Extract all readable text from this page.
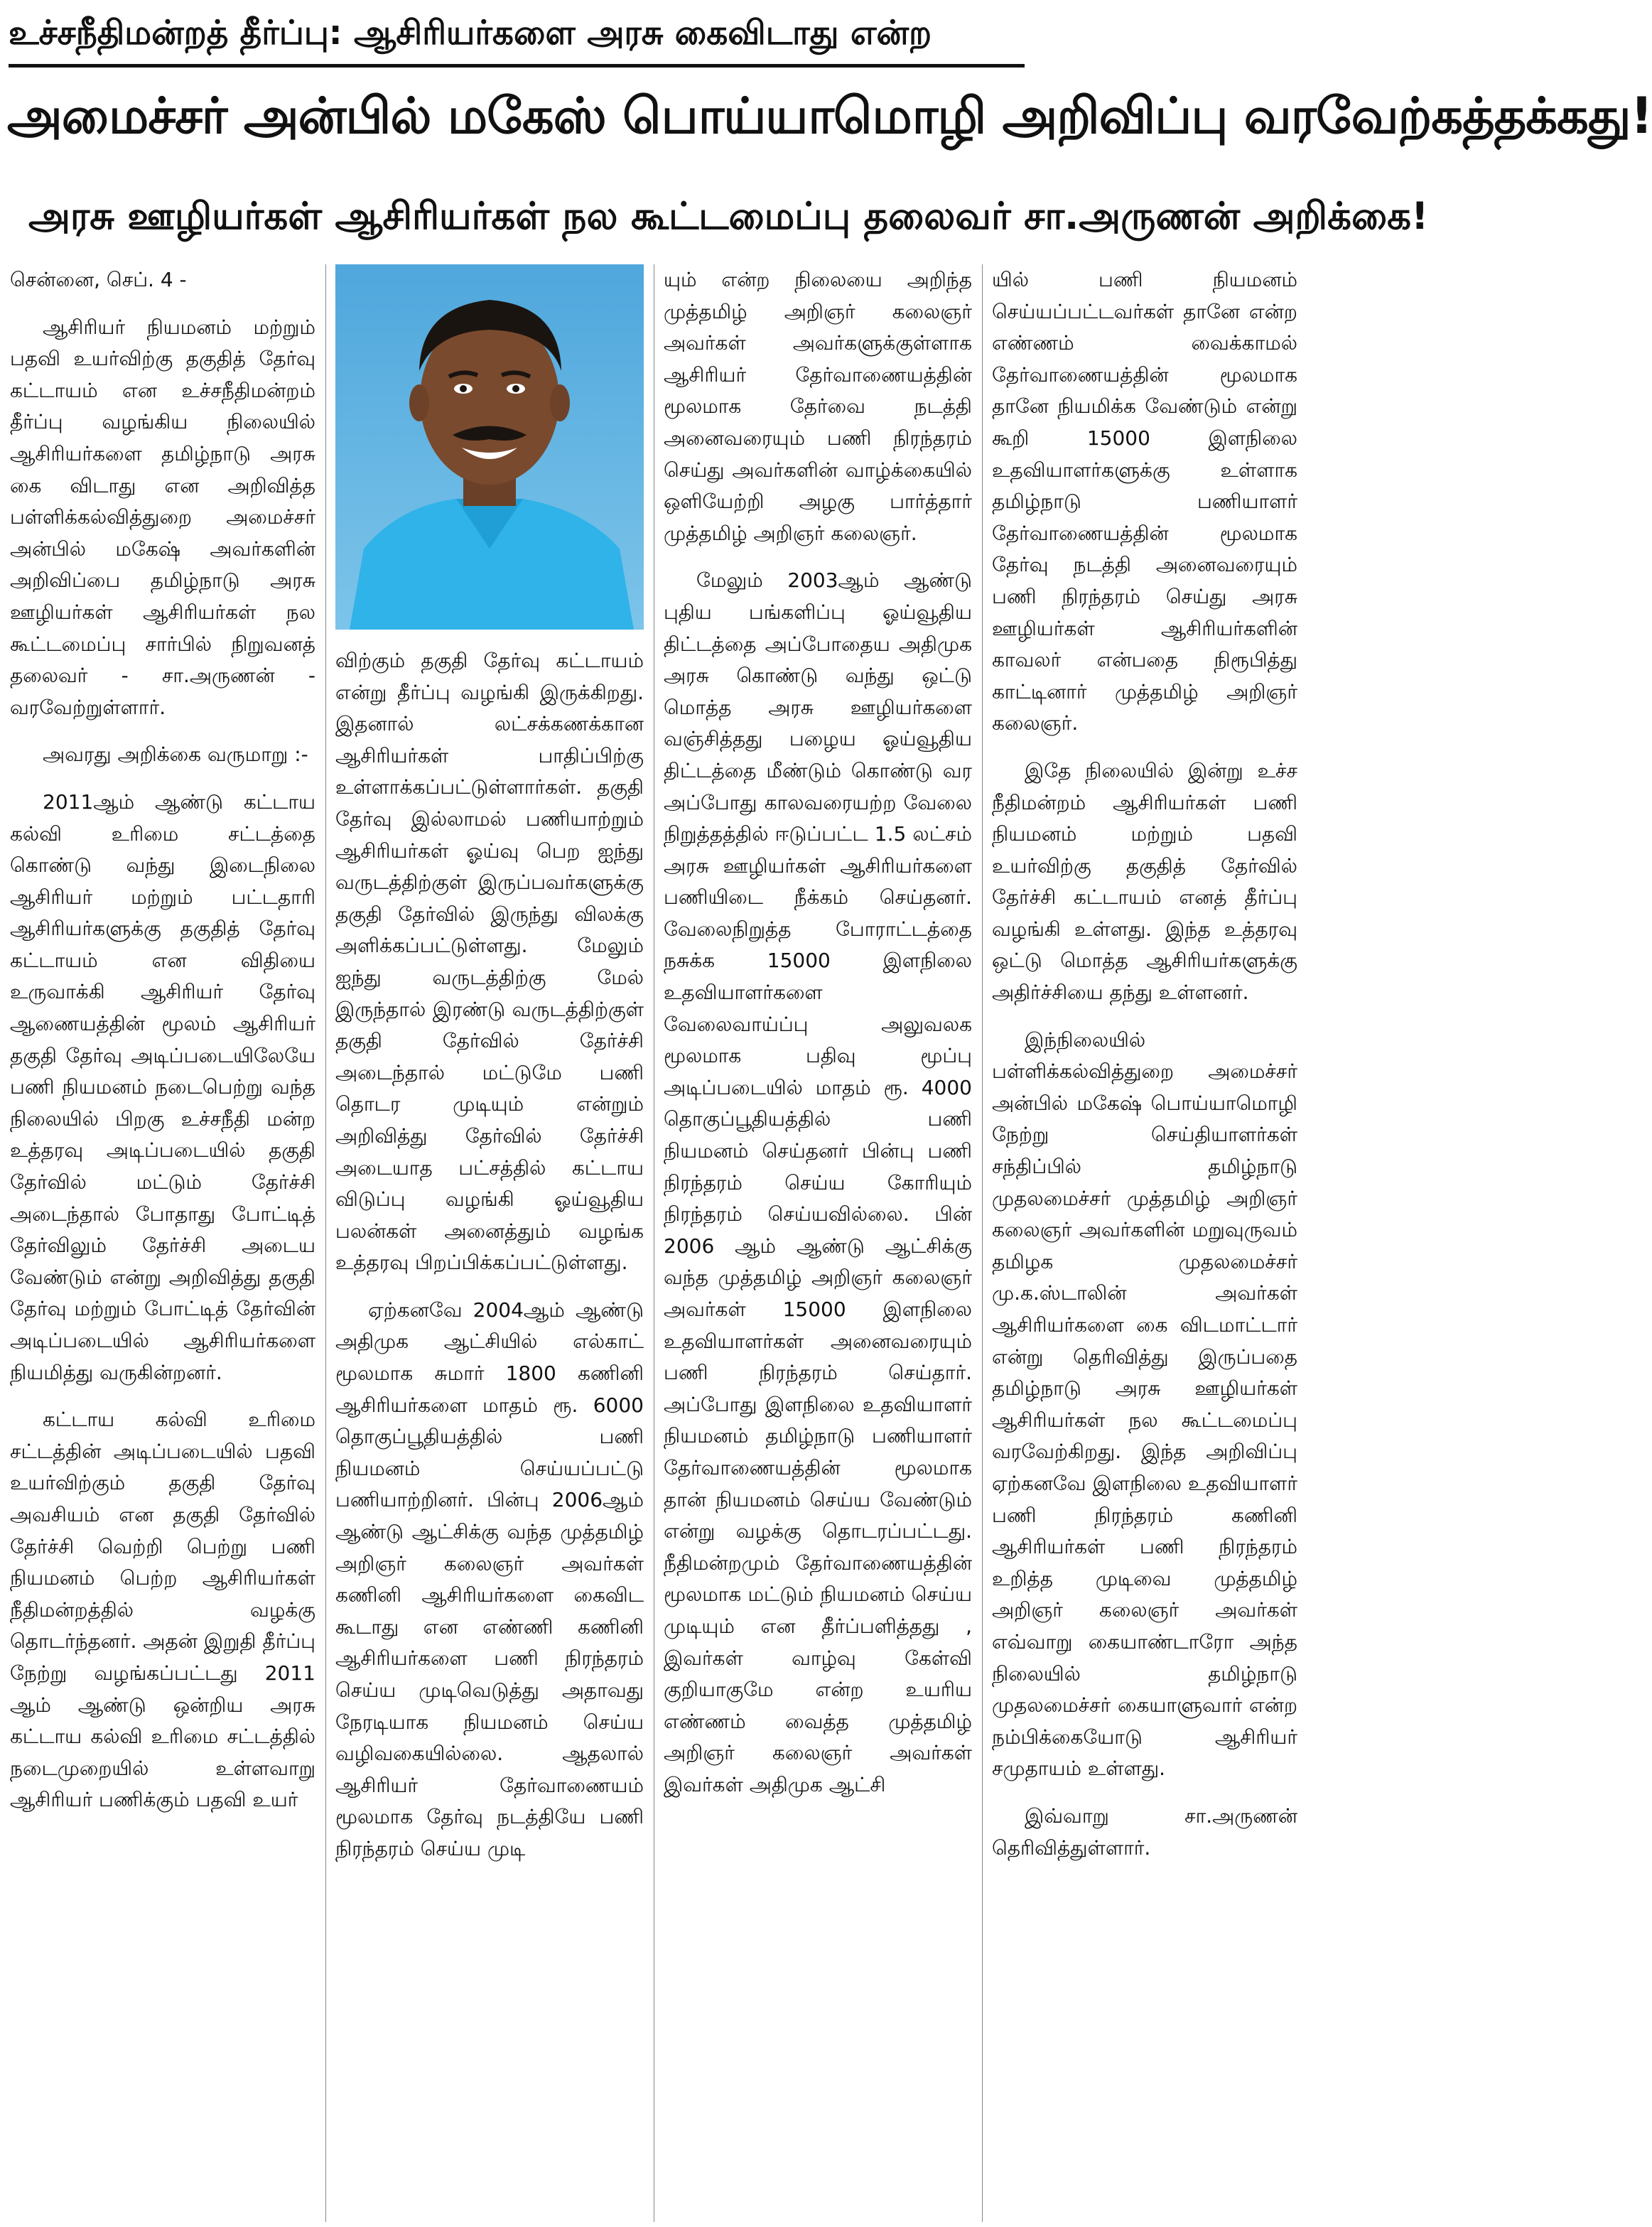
உச்சநீதிமன்றத் தீர்ப்பு: ஆசிரியர்களை அரசு கைவிடாது என்ற
அமைச்சர் அன்பில் மகேஸ் பொய்யாமொழி அறிவிப்பு வரவேற்கத்தக்கது!
அரசு ஊழியர்கள் ஆசிரியர்கள் நல கூட்டமைப்பு தலைவர் சா.அருணன் அறிக்கை!

சென்னை, செப். 4 -

ஆசிரியர் நியமனம் மற்றும் பதவி உயர்விற்கு தகுதித் தேர்வு கட்டாயம் என உச்சநீதிமன்றம் தீர்ப்பு வழங்கிய நிலையில் ஆசிரியர்களை தமிழ்நாடு அரசு கை விடாது என அறிவித்த பள்ளிக்கல்வித்துறை அமைச்சர் அன்பில் மகேஷ் அவர்களின் அறிவிப்பை தமிழ்நாடு அரசு ஊழியர்கள் ஆசிரியர்கள் நல கூட்டமைப்பு சார்பில் நிறுவனத் தலைவர் - சா.அருணன் - வரவேற்றுள்ளார்.

அவரது அறிக்கை வருமாறு :-

2011ஆம் ஆண்டு கட்டாய கல்வி உரிமை சட்டத்தை கொண்டு வந்து இடைநிலை ஆசிரியர் மற்றும் பட்டதாரி ஆசிரியர்களுக்கு தகுதித் தேர்வு கட்டாயம் என விதியை உருவாக்கி ஆசிரியர் தேர்வு ஆணையத்தின் மூலம் ஆசிரியர் தகுதி தேர்வு அடிப்படையிலேயே பணி நியமனம் நடைபெற்று வந்த நிலையில் பிறகு உச்சநீதி மன்ற உத்தரவு அடிப்படையில் தகுதி தேர்வில் மட்டும் தேர்ச்சி அடைந்தால் போதாது போட்டித் தேர்விலும் தேர்ச்சி அடைய வேண்டும் என்று அறிவித்து தகுதி தேர்வு மற்றும் போட்டித் தேர்வின் அடிப்படையில் ஆசிரியர்களை நியமித்து வருகின்றனர்.

கட்டாய கல்வி உரிமை சட்டத்தின் அடிப்படையில் பதவி உயர்விற்கும் தகுதி தேர்வு அவசியம் என தகுதி தேர்வில் தேர்ச்சி வெற்றி பெற்று பணி நியமனம் பெற்ற ஆசிரியர்கள் நீதிமன்றத்தில் வழக்கு தொடர்ந்தனர். அதன் இறுதி தீர்ப்பு நேற்று வழங்கப்பட்டது 2011 ஆம் ஆண்டு ஒன்றிய அரசு கட்டாய கல்வி உரிமை சட்டத்தில் நடைமுறையில் உள்ளவாறு ஆசிரியர் பணிக்கும் பதவி உயர்

விற்கும் தகுதி தேர்வு கட்டாயம் என்று தீர்ப்பு வழங்கி இருக்கிறது. இதனால் லட்சக்கணக்கான ஆசிரியர்கள் பாதிப்பிற்கு உள்ளாக்கப்பட்டுள்ளார்கள். தகுதி தேர்வு இல்லாமல் பணியாற்றும் ஆசிரியர்கள் ஓய்வு பெற ஐந்து வருடத்திற்குள் இருப்பவர்களுக்கு தகுதி தேர்வில் இருந்து விலக்கு அளிக்கப்பட்டுள்ளது. மேலும் ஐந்து வருடத்திற்கு மேல் இருந்தால் இரண்டு வருடத்திற்குள் தகுதி தேர்வில் தேர்ச்சி அடைந்தால் மட்டுமே பணி தொடர முடியும் என்றும் அறிவித்து தேர்வில் தேர்ச்சி அடையாத பட்சத்தில் கட்டாய விடுப்பு வழங்கி ஓய்வூதிய பலன்கள் அனைத்தும் வழங்க உத்தரவு பிறப்பிக்கப்பட்டுள்ளது.

ஏற்கனவே 2004ஆம் ஆண்டு அதிமுக ஆட்சியில் எல்காட் மூலமாக சுமார் 1800 கணினி ஆசிரியர்களை மாதம் ரூ. 6000 தொகுப்பூதியத்தில் பணி நியமனம் செய்யப்பட்டு பணியாற்றினர். பின்பு 2006ஆம் ஆண்டு ஆட்சிக்கு வந்த முத்தமிழ் அறிஞர் கலைஞர் அவர்கள் கணினி ஆசிரியர்களை கைவிட கூடாது என எண்ணி கணினி ஆசிரியர்களை பணி நிரந்தரம் செய்ய முடிவெடுத்து அதாவது நேரடியாக நியமனம் செய்ய வழிவகையில்லை. ஆதலால் ஆசிரியர் தேர்வாணையம் மூலமாக தேர்வு நடத்தியே பணி நிரந்தரம் செய்ய முடி

யும் என்ற நிலையை அறிந்த முத்தமிழ் அறிஞர் கலைஞர் அவர்கள் அவர்களுக்குள்ளாக ஆசிரியர் தேர்வாணையத்தின் மூலமாக தேர்வை நடத்தி அனைவரையும் பணி நிரந்தரம் செய்து அவர்களின் வாழ்க்கையில் ஒளியேற்றி அழகு பார்த்தார் முத்தமிழ் அறிஞர் கலைஞர்.

மேலும் 2003ஆம் ஆண்டு புதிய பங்களிப்பு ஓய்வூதிய திட்டத்தை அப்போதைய அதிமுக அரசு கொண்டு வந்து ஒட்டு மொத்த அரசு ஊழியர்களை வஞ்சித்தது பழைய ஓய்வூதிய திட்டத்தை மீண்டும் கொண்டு வர அப்போது காலவரையற்ற வேலை நிறுத்தத்தில் ஈடுப்பட்ட 1.5 லட்சம் அரசு ஊழியர்கள் ஆசிரியர்களை பணியிடை நீக்கம் செய்தனர். வேலைநிறுத்த போராட்டத்தை நசுக்க 15000 இளநிலை உதவியாளர்களை வேலைவாய்ப்பு அலுவலக மூலமாக பதிவு மூப்பு அடிப்படையில் மாதம் ரூ. 4000 தொகுப்பூதியத்தில் பணி நியமனம் செய்தனர் பின்பு பணி நிரந்தரம் செய்ய கோரியும் நிரந்தரம் செய்யவில்லை. பின் 2006 ஆம் ஆண்டு ஆட்சிக்கு வந்த முத்தமிழ் அறிஞர் கலைஞர் அவர்கள் 15000 இளநிலை உதவியாளர்கள் அனைவரையும் பணி நிரந்தரம் செய்தார். அப்போது இளநிலை உதவியாளர் நியமனம் தமிழ்நாடு பணியாளர் தேர்வாணையத்தின் மூலமாக தான் நியமனம் செய்ய வேண்டும் என்று வழக்கு தொடரப்பட்டது. நீதிமன்றமும் தேர்வாணையத்தின் மூலமாக மட்டும் நியமனம் செய்ய முடியும் என தீர்ப்பளித்தது , இவர்கள் வாழ்வு கேள்வி குறியாகுமே என்ற உயரிய எண்ணம் வைத்த முத்தமிழ் அறிஞர் கலைஞர் அவர்கள் இவர்கள் அதிமுக ஆட்சி

யில் பணி நியமனம் செய்யப்பட்டவர்கள் தானே என்ற எண்ணம் வைக்காமல் தேர்வாணையத்தின் மூலமாக தானே நியமிக்க வேண்டும் என்று கூறி 15000 இளநிலை உதவியாளர்களுக்கு உள்ளாக தமிழ்நாடு பணியாளர் தேர்வாணையத்தின் மூலமாக தேர்வு நடத்தி அனைவரையும் பணி நிரந்தரம் செய்து அரசு ஊழியர்கள் ஆசிரியர்களின் காவலர் என்பதை நிரூபித்து காட்டினார் முத்தமிழ் அறிஞர் கலைஞர்.

இதே நிலையில் இன்று உச்ச நீதிமன்றம் ஆசிரியர்கள் பணி நியமனம் மற்றும் பதவி உயர்விற்கு தகுதித் தேர்வில் தேர்ச்சி கட்டாயம் எனத் தீர்ப்பு வழங்கி உள்ளது. இந்த உத்தரவு ஒட்டு மொத்த ஆசிரியர்களுக்கு அதிர்ச்சியை தந்து உள்ளனர்.

இந்நிலையில் பள்ளிக்கல்வித்துறை அமைச்சர் அன்பில் மகேஷ் பொய்யாமொழி நேற்று செய்தியாளர்கள் சந்திப்பில் தமிழ்நாடு முதலமைச்சர் முத்தமிழ் அறிஞர் கலைஞர் அவர்களின் மறுவுருவம் தமிழக முதலமைச்சர் மு.க.ஸ்டாலின் அவர்கள் ஆசிரியர்களை கை விடமாட்டார் என்று தெரிவித்து இருப்பதை தமிழ்நாடு அரசு ஊழியர்கள் ஆசிரியர்கள் நல கூட்டமைப்பு வரவேற்கிறது. இந்த அறிவிப்பு ஏற்கனவே இளநிலை உதவியாளர் பணி நிரந்தரம் கணினி ஆசிரியர்கள் பணி நிரந்தரம் உறித்த முடிவை முத்தமிழ் அறிஞர் கலைஞர் அவர்கள் எவ்வாறு கையாண்டாரோ அந்த நிலையில் தமிழ்நாடு முதலமைச்சர் கையாளுவார் என்ற நம்பிக்கையோடு ஆசிரியர் சமுதாயம் உள்ளது.

இவ்வாறு சா.அருணன் தெரிவித்துள்ளார்.
